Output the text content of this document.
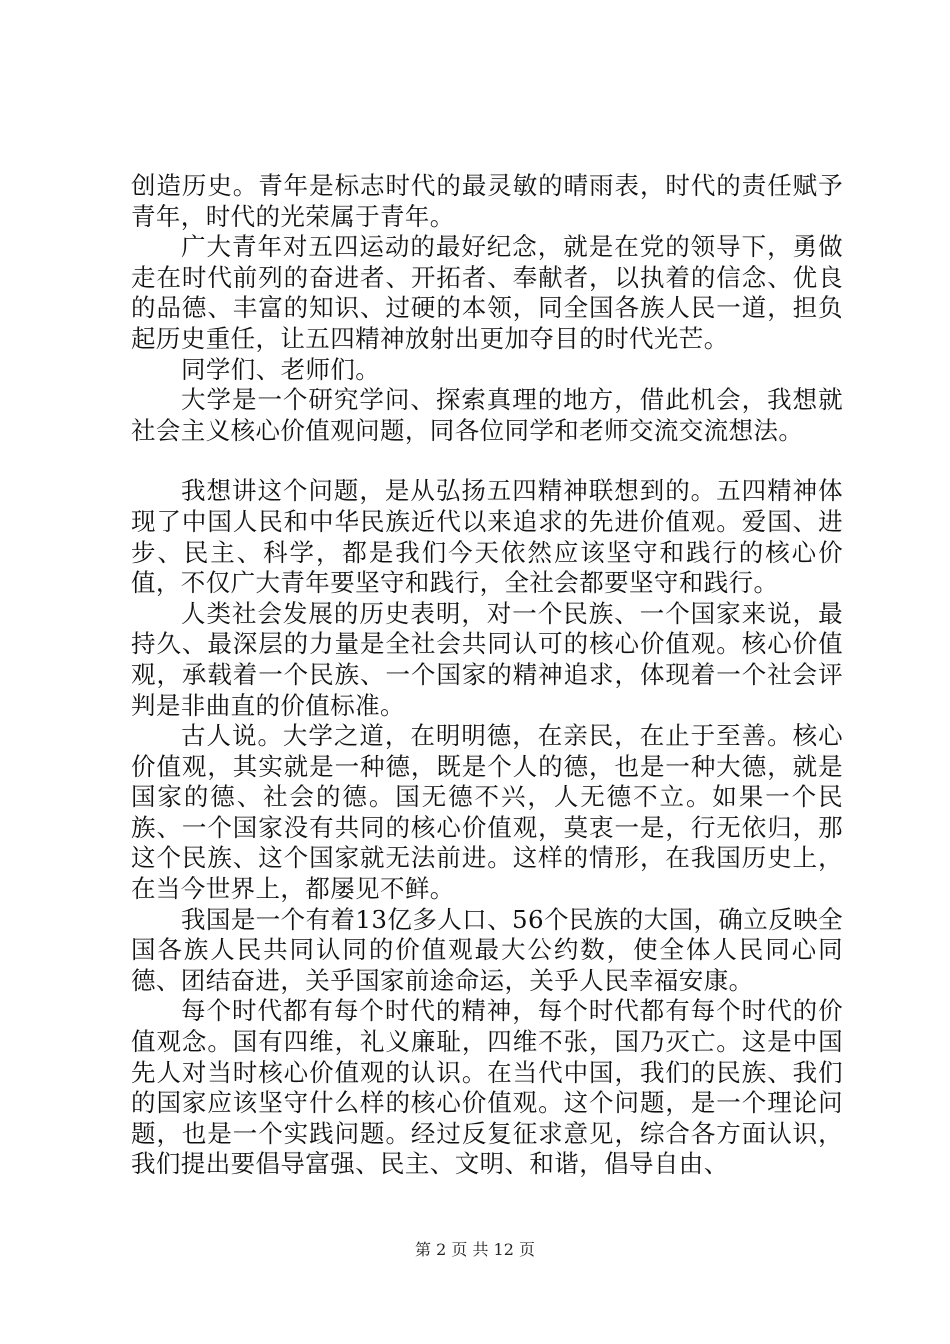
创造历史。青年是标志时代的最灵敏的晴雨表，时代的责任赋予青年，时代的光荣属于青年。

广大青年对五四运动的最好纪念，就是在党的领导下，勇做走在时代前列的奋进者、开拓者、奉献者，以执着的信念、优良的品德、丰富的知识、过硬的本领，同全国各族人民一道，担负起历史重任，让五四精神放射出更加夺目的时代光芒。

同学们、老师们。

大学是一个研究学问、探索真理的地方，借此机会，我想就社会主义核心价值观问题，同各位同学和老师交流交流想法。

我想讲这个问题，是从弘扬五四精神联想到的。五四精神体现了中国人民和中华民族近代以来追求的先进价值观。爱国、进步、民主、科学，都是我们今天依然应该坚守和践行的核心价值，不仅广大青年要坚守和践行，全社会都要坚守和践行。

人类社会发展的历史表明，对一个民族、一个国家来说，最持久、最深层的力量是全社会共同认可的核心价值观。核心价值观，承载着一个民族、一个国家的精神追求，体现着一个社会评判是非曲直的价值标准。

古人说。大学之道，在明明德，在亲民，在止于至善。核心价值观，其实就是一种德，既是个人的德，也是一种大德，就是国家的德、社会的德。国无德不兴，人无德不立。如果一个民族、一个国家没有共同的核心价值观，莫衷一是，行无依归，那这个民族、这个国家就无法前进。这样的情形，在我国历史上，在当今世界上，都屡见不鲜。

我国是一个有着13亿多人口、56个民族的大国，确立反映全国各族人民共同认同的价值观最大公约数，使全体人民同心同德、团结奋进，关乎国家前途命运，关乎人民幸福安康。

每个时代都有每个时代的精神，每个时代都有每个时代的价值观念。国有四维，礼义廉耻，四维不张，国乃灭亡。这是中国先人对当时核心价值观的认识。在当代中国，我们的民族、我们的国家应该坚守什么样的核心价值观。这个问题，是一个理论问题，也是一个实践问题。经过反复征求意见，综合各方面认识，我们提出要倡导富强、民主、文明、和谐，倡导自由、

第 2 页 共 12 页
